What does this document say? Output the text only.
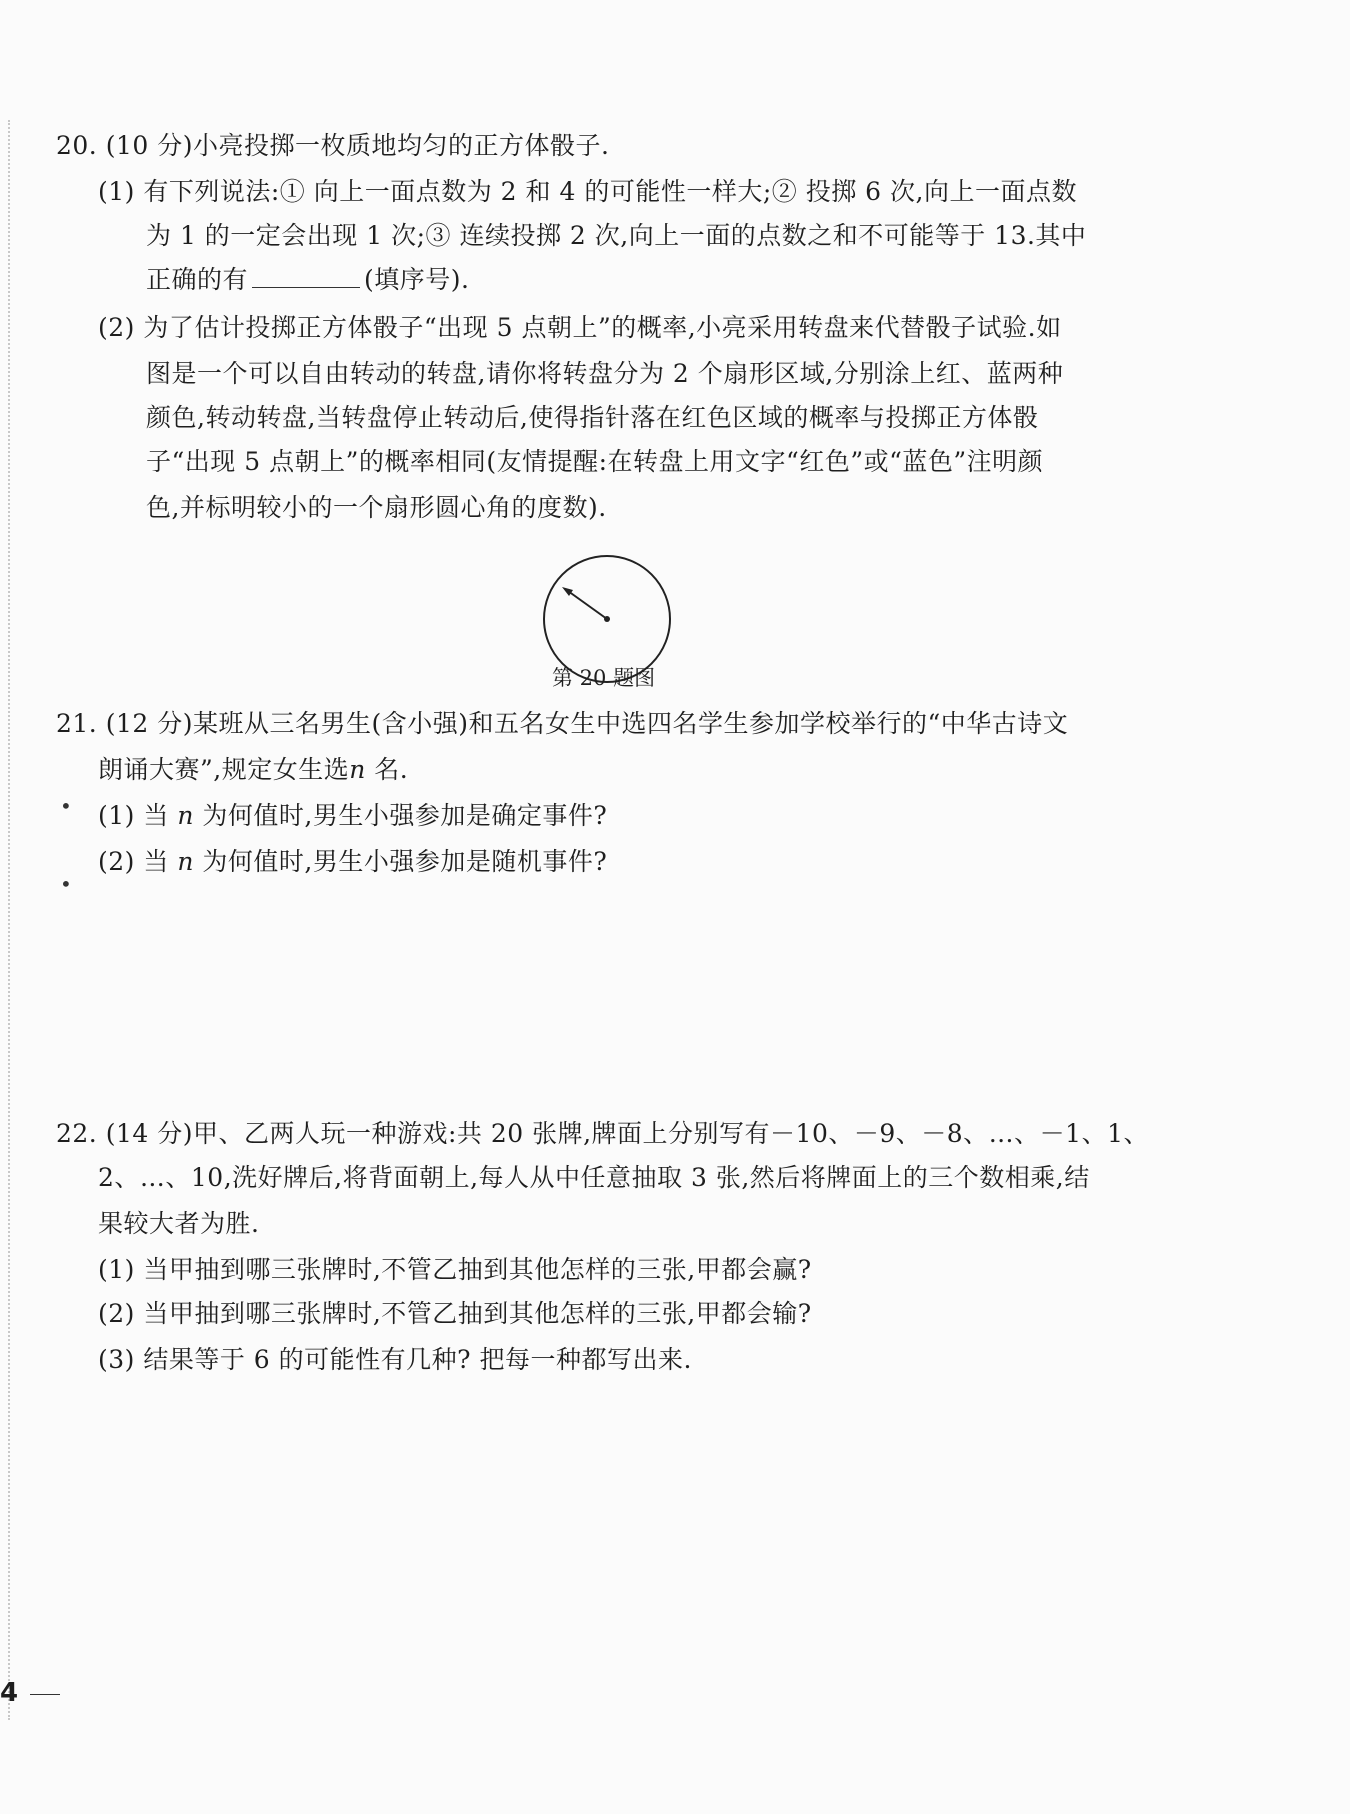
20. (10 分)小亮投掷一枚质地均匀的正方体骰子.
(1) 有下列说法:① 向上一面点数为 2 和 4 的可能性一样大;② 投掷 6 次,向上一面点数
为 1 的一定会出现 1 次;③ 连续投掷 2 次,向上一面的点数之和不可能等于 13.其中
正确的有	(填序号).
(2) 为了估计投掷正方体骰子“出现 5 点朝上”的概率,小亮采用转盘来代替骰子试验.如
图是一个可以自由转动的转盘,请你将转盘分为 2 个扇形区域,分别涂上红、蓝两种
颜色,转动转盘,当转盘停止转动后,使得指针落在红色区域的概率与投掷正方体骰
子“出现 5 点朝上”的概率相同(友情提醒:在转盘上用文字“红色”或“蓝色”注明颜
色,并标明较小的一个扇形圆心角的度数).
第 20 题图
21. (12 分)某班从三名男生(含小强)和五名女生中选四名学生参加学校举行的“中华古诗文
朗诵大赛”,规定女生选n 名.
(1) 当 n 为何值时,男生小强参加是确定事件?
(2) 当 n 为何值时,男生小强参加是随机事件?
•
•
22. (14 分)甲、乙两人玩一种游戏:共 20 张牌,牌面上分别写有－10、－9、－8、…、－1、1、
2、…、10,洗好牌后,将背面朝上,每人从中任意抽取 3 张,然后将牌面上的三个数相乘,结
果较大者为胜.
(1) 当甲抽到哪三张牌时,不管乙抽到其他怎样的三张,甲都会赢?
(2) 当甲抽到哪三张牌时,不管乙抽到其他怎样的三张,甲都会输?
(3) 结果等于 6 的可能性有几种? 把每一种都写出来.
4
